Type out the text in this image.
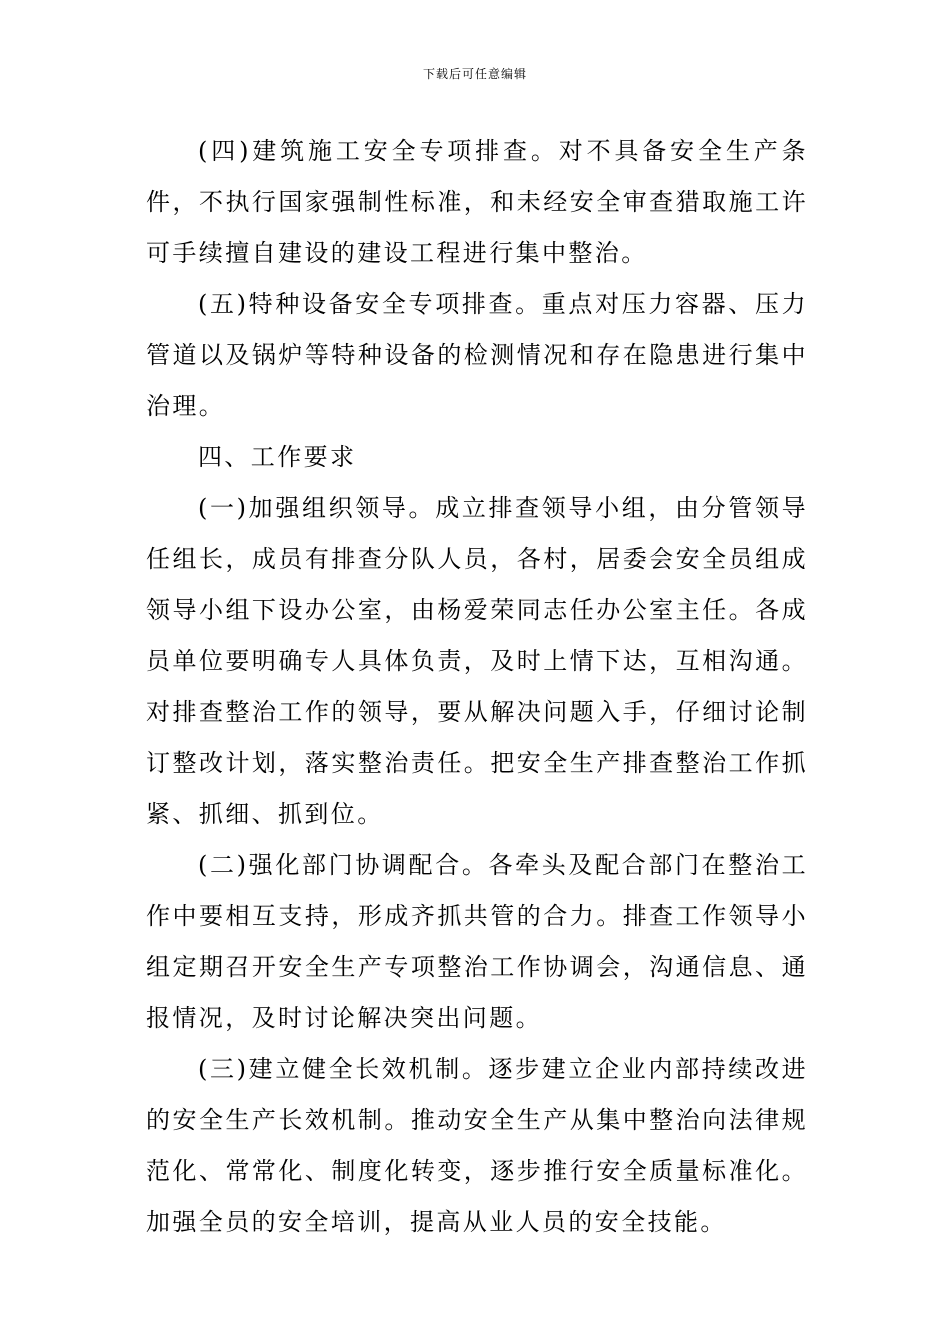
下载后可任意编辑

(四)建筑施工安全专项排查。对不具备安全生产条件，不执行国家强制性标准，和未经安全审查猎取施工许可手续擅自建设的建设工程进行集中整治。

(五)特种设备安全专项排查。重点对压力容器、压力管道以及锅炉等特种设备的检测情况和存在隐患进行集中治理。

四、工作要求

(一)加强组织领导。成立排查领导小组，由分管领导任组长，成员有排查分队人员，各村，居委会安全员组成领导小组下设办公室，由杨爱荣同志任办公室主任。各成员单位要明确专人具体负责，及时上情下达，互相沟通。对排查整治工作的领导，要从解决问题入手，仔细讨论制订整改计划，落实整治责任。把安全生产排查整治工作抓紧、抓细、抓到位。

(二)强化部门协调配合。各牵头及配合部门在整治工作中要相互支持，形成齐抓共管的合力。排查工作领导小组定期召开安全生产专项整治工作协调会，沟通信息、通报情况，及时讨论解决突出问题。

(三)建立健全长效机制。逐步建立企业内部持续改进的安全生产长效机制。推动安全生产从集中整治向法律规范化、常常化、制度化转变，逐步推行安全质量标准化。加强全员的安全培训，提高从业人员的安全技能。
